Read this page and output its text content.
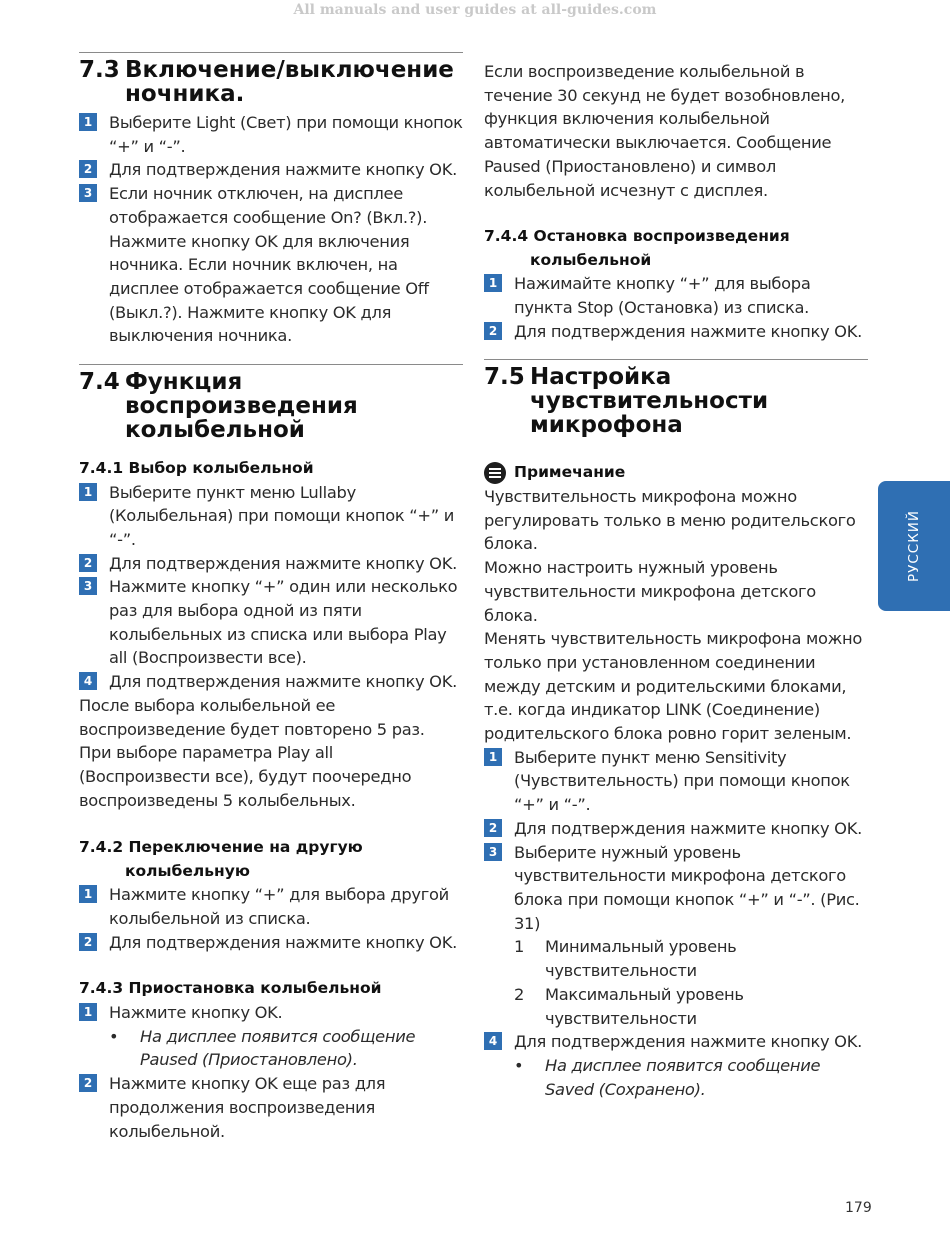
All manuals and user guides at all-guides.com
7.3 Включение/выключение ночника.
1 Выберите Light (Свет) при помощи кнопок “+” и “-”.
2 Для подтверждения нажмите кнопку OK.
3 Если ночник отключен, на дисплее отображается сообщение On? (Вкл.?). Нажмите кнопку OK для включения ночника. Если ночник включен, на дисплее отображается сообщение Off (Выкл.?). Нажмите кнопку OK для выключения ночника.
7.4 Функция воспроизведения колыбельной
7.4.1 Выбор колыбельной
1 Выберите пункт меню Lullaby (Колыбельная) при помощи кнопок “+” и “-”.
2 Для подтверждения нажмите кнопку OK.
3 Нажмите кнопку “+” один или несколько раз для выбора одной из пяти колыбельных из списка или выбора Play all (Воспроизвести все).
4 Для подтверждения нажмите кнопку OK.
После выбора колыбельной ее воспроизведение будет повторено 5 раз.
При выборе параметра Play all (Воспроизвести все), будут поочередно воспроизведены 5 колыбельных.
7.4.2 Переключение на другую
колыбельную
1 Нажмите кнопку “+” для выбора другой колыбельной из списка.
2 Для подтверждения нажмите кнопку OK.
7.4.3 Приостановка колыбельной
1 Нажмите кнопку OK.
•	На дисплее появится сообщение Paused (Приостановлено).
2 Нажмите кнопку OK еще раз для продолжения воспроизведения колыбельной.
Если воспроизведение колыбельной в течение 30 секунд не будет возобновлено, функция включения колыбельной автоматически выключается. Сообщение Paused (Приостановлено) и символ колыбельной исчезнут с дисплея.
7.4.4 Остановка воспроизведения
колыбельной
1 Нажимайте кнопку “+” для выбора пункта Stop (Остановка) из списка.
2 Для подтверждения нажмите кнопку OK.
7.5 Настройка чувствительности микрофона
Примечание
Чувствительность микрофона можно регулировать только в меню родительского блока.
Можно настроить нужный уровень чувствительности микрофона детского блока.
Менять чувствительность микрофона можно только при установленном соединении между детским и родительскими блоками, т.е. когда индикатор LINK (Соединение) родительского блока ровно горит зеленым.
1 Выберите пункт меню Sensitivity (Чувствительность) при помощи кнопок “+” и “-”.
2 Для подтверждения нажмите кнопку OK.
3 Выберите нужный уровень чувствительности микрофона детского блока при помощи кнопок “+” и “-”. (Рис. 31)
1	Минимальный уровень чувствительности
2	Максимальный уровень чувствительности
4 Для подтверждения нажмите кнопку OK.
•	На дисплее появится сообщение Saved (Сохранено).
РУССКИЙ
179
